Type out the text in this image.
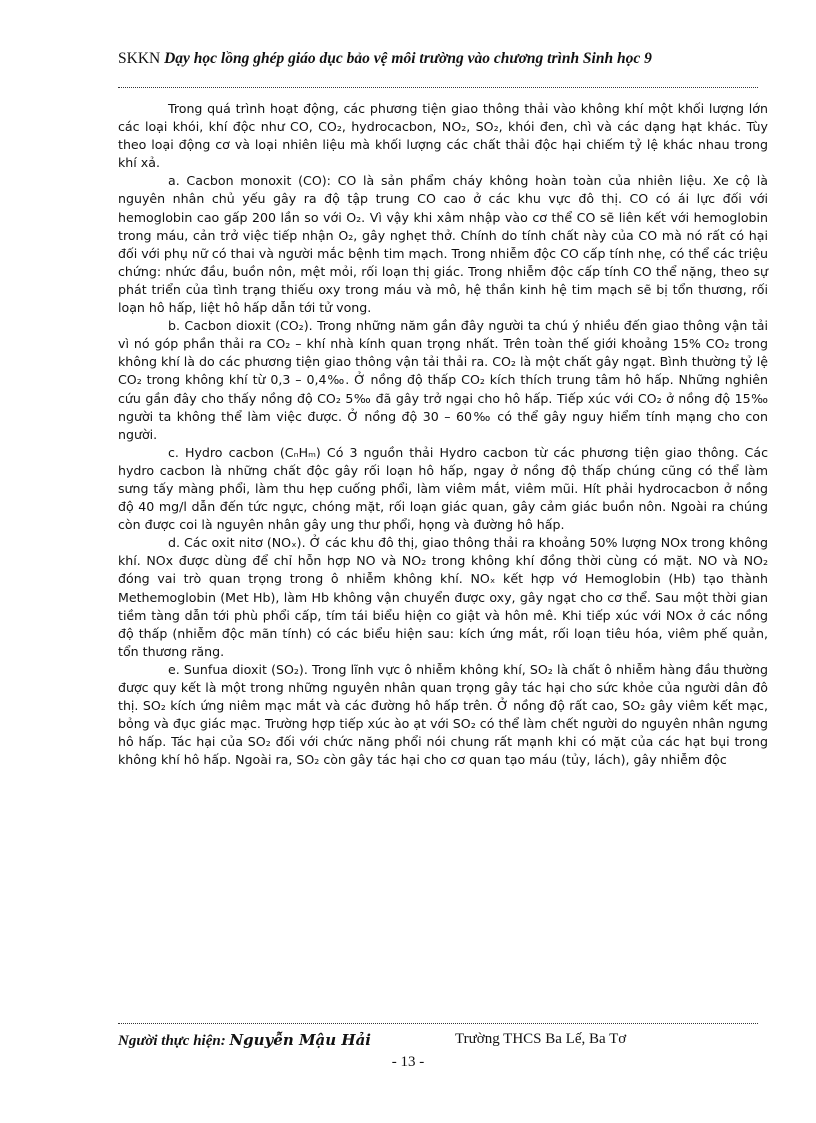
SKKN Dạy học lồng ghép giáo dục bảo vệ môi trường vào chương trình Sinh học 9

Trong quá trình hoạt động, các phương tiện giao thông thải vào không khí một khối lượng lớn các loại khói, khí độc như CO, CO₂, hydrocacbon, NO₂, SO₂, khói đen, chì và các dạng hạt khác. Tùy theo loại động cơ và loại nhiên liệu mà khối lượng các chất thải độc hại chiếm tỷ lệ khác nhau trong khí xả.

a. Cacbon monoxit (CO): CO là sản phẩm cháy không hoàn toàn của nhiên liệu. Xe cộ là nguyên nhân chủ yếu gây ra độ tập trung CO cao ở các khu vực đô thị. CO có ái lực đối với hemoglobin cao gấp 200 lần so với O₂. Vì vậy khi xâm nhập vào cơ thể CO sẽ liên kết với hemoglobin trong máu, cản trở việc tiếp nhận O₂, gây nghẹt thở. Chính do tính chất này của CO mà nó rất có hại đối với phụ nữ có thai và người mắc bệnh tim mạch. Trong nhiễm độc CO cấp tính nhẹ, có thể các triệu chứng: nhức đầu, buồn nôn, mệt mỏi, rối loạn thị giác. Trong nhiễm độc cấp tính CO thể nặng, theo sự phát triển của tình trạng thiếu oxy trong máu và mô, hệ thần kinh hệ tim mạch sẽ bị tổn thương, rối loạn hô hấp, liệt hô hấp dẫn tới tử vong.

b. Cacbon dioxit (CO₂). Trong những năm gần đây người ta chú ý nhiều đến giao thông vận tải vì nó góp phần thải ra CO₂ – khí nhà kính quan trọng nhất. Trên toàn thế giới khoảng 15% CO₂ trong không khí là do các phương tiện giao thông vận tải thải ra. CO₂ là một chất gây ngạt. Bình thường tỷ lệ CO₂ trong không khí từ 0,3 – 0,4‰. Ở nồng độ thấp CO₂ kích thích trung tâm hô hấp. Những nghiên cứu gần đây cho thấy nồng độ CO₂ 5‰ đã gây trở ngại cho hô hấp. Tiếp xúc với CO₂ ở nồng độ 15‰ người ta không thể làm việc được. Ở nồng độ 30 – 60‰ có thể gây nguy hiểm tính mạng cho con người.

c. Hydro cacbon (CₙHₘ) Có 3 nguồn thải Hydro cacbon từ các phương tiện giao thông. Các hydro cacbon là những chất độc gây rối loạn hô hấp, ngay ở nồng độ thấp chúng cũng có thể làm sưng tấy màng phổi, làm thu hẹp cuống phổi, làm viêm mắt, viêm mũi. Hít phải hydrocacbon ở nồng độ 40 mg/l dẫn đến tức ngực, chóng mặt, rối loạn giác quan, gây cảm giác buồn nôn. Ngoài ra chúng còn được coi là nguyên nhân gây ung thư phổi, họng và đường hô hấp.

d. Các oxit nitơ (NOₓ). Ở các khu đô thị, giao thông thải ra khoảng 50% lượng NOx trong không khí. NOx được dùng để chỉ hỗn hợp NO và NO₂ trong không khí đồng thời cùng có mặt. NO và NO₂ đóng vai trò quan trọng trong ô nhiễm không khí. NOₓ kết hợp vớ Hemoglobin (Hb) tạo thành Methemoglobin (Met Hb), làm Hb không vận chuyển được oxy, gây ngạt cho cơ thể. Sau một thời gian tiềm tàng dẫn tới phù phổi cấp, tím tái biểu hiện co giật và hôn mê. Khi tiếp xúc với NOx ở các nồng độ thấp (nhiễm độc mãn tính) có các biểu hiện sau: kích ứng mắt, rối loạn tiêu hóa, viêm phế quản, tổn thương răng.

e. Sunfua dioxit (SO₂). Trong lĩnh vực ô nhiễm không khí, SO₂ là chất ô nhiễm hàng đầu thường được quy kết là một trong những nguyên nhân quan trọng gây tác hại cho sức khỏe của người dân đô thị. SO₂ kích ứng niêm mạc mắt và các đường hô hấp trên. Ở nồng độ rất cao, SO₂ gây viêm kết mạc, bỏng và đục giác mạc. Trường hợp tiếp xúc ào ạt với SO₂ có thể làm chết người do nguyên nhân ngưng hô hấp. Tác hại của SO₂ đối với chức năng phổi nói chung rất mạnh khi có mặt của các hạt bụi trong không khí hô hấp. Ngoài ra, SO₂ còn gây tác hại cho cơ quan tạo máu (tủy, lách), gây nhiễm độc

Người thực hiện: Nguyễn Mậu Hải	Trường THCS Ba Lế, Ba Tơ
- 13 -
